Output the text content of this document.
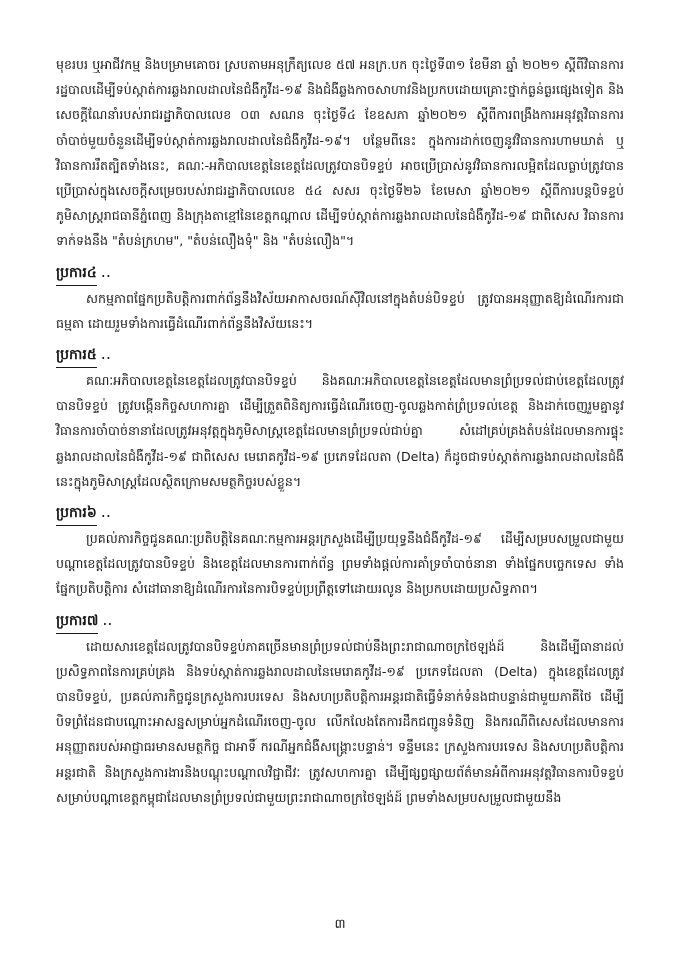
មុខរបរ ឬអាជីវកម្ម និងបម្រាមគោចរ ស្របតាមអនុក្រឹត្យលេខ ៥៧ អនក្រ.បក ចុះថ្ងៃទី៣១ ខែមីនា ឆ្នាំ ២០២១ ស្តីពីវិធានការរដ្ឋបាលដើម្បីទប់ស្កាត់ការឆ្លងរាលដាលនៃជំងឺកូវីដ-១៩ និងជំងឺឆ្លងកាចសាហាវនិងប្រកបដោយគ្រោះថ្នាក់ធ្ងន់ធ្ងរផ្សេងទៀត និងសេចក្តីណែនាំរបស់រាជរដ្ឋាភិបាលលេខ ០៣ សណន ចុះថ្ងៃទី៤ ខែឧសភា ឆ្នាំ២០២១ ស្តីពីការពង្រឹងការអនុវត្តវិធានការចាំបាច់មួយចំនួនដើម្បីទប់ស្កាត់ការឆ្លងរាលដាលនៃជំងឺកូវីដ-១៩។ បន្ថែមពីនេះ ក្នុងការដាក់ចេញនូវវិធានការហាមឃាត់ ឬវិធានការរឹតត្បិតទាំងនេះ, គណៈ-អភិបាលខេត្តនៃខេត្តដែលត្រូវបានបិទខ្ទប់ អាចប្រើប្រាស់នូវវិធានការលម្អិតដែលធ្លាប់ត្រូវបានប្រើប្រាស់ក្នុងសេចក្តីសម្រេចរបស់រាជរដ្ឋាភិបាលលេខ ៥៤ សសរ ចុះថ្ងៃទី២៦ ខែមេសា ឆ្នាំ២០២១ ស្តីពីការបន្តបិទខ្ទប់ភូមិសាស្ត្ររាជធានីភ្នំពេញ និងក្រុងតាខ្មៅនៃខេត្តកណ្តាល ដើម្បីទប់ស្កាត់ការឆ្លងរាលដាលនៃជំងឺកូវីដ-១៩ ជាពិសេស វិធានការទាក់ទងនឹង "តំបន់ក្រហម", "តំបន់លឿងទុំ" និង "តំបន់លឿង"។

ប្រការ៤ ..

សកម្មភាពផ្នែកប្រតិបត្តិការពាក់ព័ន្ធនឹងវិស័យអាកាសចរណ៍ស៊ីវិលនៅក្នុងតំបន់បិទខ្ទប់ ត្រូវបានអនុញ្ញាតឱ្យដំណើរការជាធម្មតា ដោយរួមទាំងការធ្វើដំណើរពាក់ព័ន្ធនឹងវិស័យនេះ។

ប្រការ៥ ..

គណៈអភិបាលខេត្តនៃខេត្តដែលត្រូវបានបិទខ្ទប់ និងគណៈអភិបាលខេត្តនៃខេត្តដែលមានព្រំប្រទល់ជាប់ខេត្តដែលត្រូវបានបិទខ្ទប់ ត្រូវបង្កើនកិច្ចសហការគ្នា ដើម្បីត្រួតពិនិត្យការធ្វើដំណើរចេញ-ចូលឆ្លងកាត់ព្រំប្រទល់ខេត្ត និងដាក់ចេញរួមគ្នានូវវិធានការចាំបាច់នានាដែលត្រូវអនុវត្តក្នុងភូមិសាស្ត្រខេត្តដែលមានព្រំប្រទល់ជាប់គ្នា សំដៅគ្រប់គ្រងតំបន់ដែលមានការផ្ទុះឆ្លងរាលដាលនៃជំងឺកូវីដ-១៩ ជាពិសេស មេរោគកូវីដ-១៩ ប្រភេទដែលតា (Delta) ក៏ដូចជាទប់ស្កាត់ការឆ្លងរាលដាលនៃជំងឺនេះក្នុងភូមិសាស្ត្រដែលស្ថិតក្រោមសមត្ថកិច្ចរបស់ខ្លួន។

ប្រការ៦ ..

ប្រគល់ភារកិច្ចជូនគណៈប្រតិបត្តិនៃគណៈកម្មការអន្តរក្រសួងដើម្បីប្រយុទ្ធនឹងជំងឺកូវីដ-១៩ ដើម្បីសម្របសម្រួលជាមួយបណ្តាខេត្តដែលត្រូវបានបិទខ្ទប់ និងខេត្តដែលមានការពាក់ព័ន្ធ ព្រមទាំងផ្តល់ការគាំទ្រចាំបាច់នានា ទាំងផ្នែកបច្ចេកទេស ទាំងផ្នែកប្រតិបត្តិការ សំដៅធានាឱ្យដំណើរការនៃការបិទខ្ទប់ប្រព្រឹត្តទៅដោយរលូន និងប្រកបដោយប្រសិទ្ធភាព។

ប្រការ៧ ..

ដោយសារខេត្តដែលត្រូវបានបិទខ្ទប់ភាគច្រើនមានព្រំប្រទល់ជាប់នឹងព្រះរាជាណាចក្រថៃឡង់ដ៍ និងដើម្បីធានាដល់ប្រសិទ្ធភាពនៃការគ្រប់គ្រង និងទប់ស្កាត់ការឆ្លងរាលដាលនៃមេរោគកូវីដ-១៩ ប្រភេទដែលតា (Delta) ក្នុងខេត្តដែលត្រូវបានបិទខ្ទប់, ប្រគល់ភារកិច្ចជូនក្រសួងការបរទេស និងសហប្រតិបត្តិការអន្តរជាតិធ្វើទំនាក់ទំនងជាបន្ទាន់ជាមួយភាគីថៃ ដើម្បីបិទព្រំដែនជាបណ្តោះអាសន្នសម្រាប់អ្នកដំណើរចេញ-ចូល លើកលែងតែការដឹកជញ្ជូនទំនិញ និងករណីពិសេសដែលមានការអនុញ្ញាតរបស់អាជ្ញាធរមានសមត្ថកិច្ច ជាអាទិ៍ ករណីអ្នកជំងឺសង្គ្រោះបន្ទាន់។ ទន្ទឹមនេះ ក្រសួងការបរទេស និងសហប្រតិបត្តិការអន្តរជាតិ និងក្រសួងការងារនិងបណ្តុះបណ្តាលវិជ្ជាជីវៈ ត្រូវសហការគ្នា ដើម្បីផ្សព្វផ្សាយព័ត៌មានអំពីការអនុវត្តវិធានការបិទខ្ទប់សម្រាប់បណ្តាខេត្តកម្ពុជាដែលមានព្រំប្រទល់ជាមួយព្រះរាជាណាចក្រថៃឡង់ដ៍ ព្រមទាំងសម្របសម្រួលជាមួយនឹង

៣
